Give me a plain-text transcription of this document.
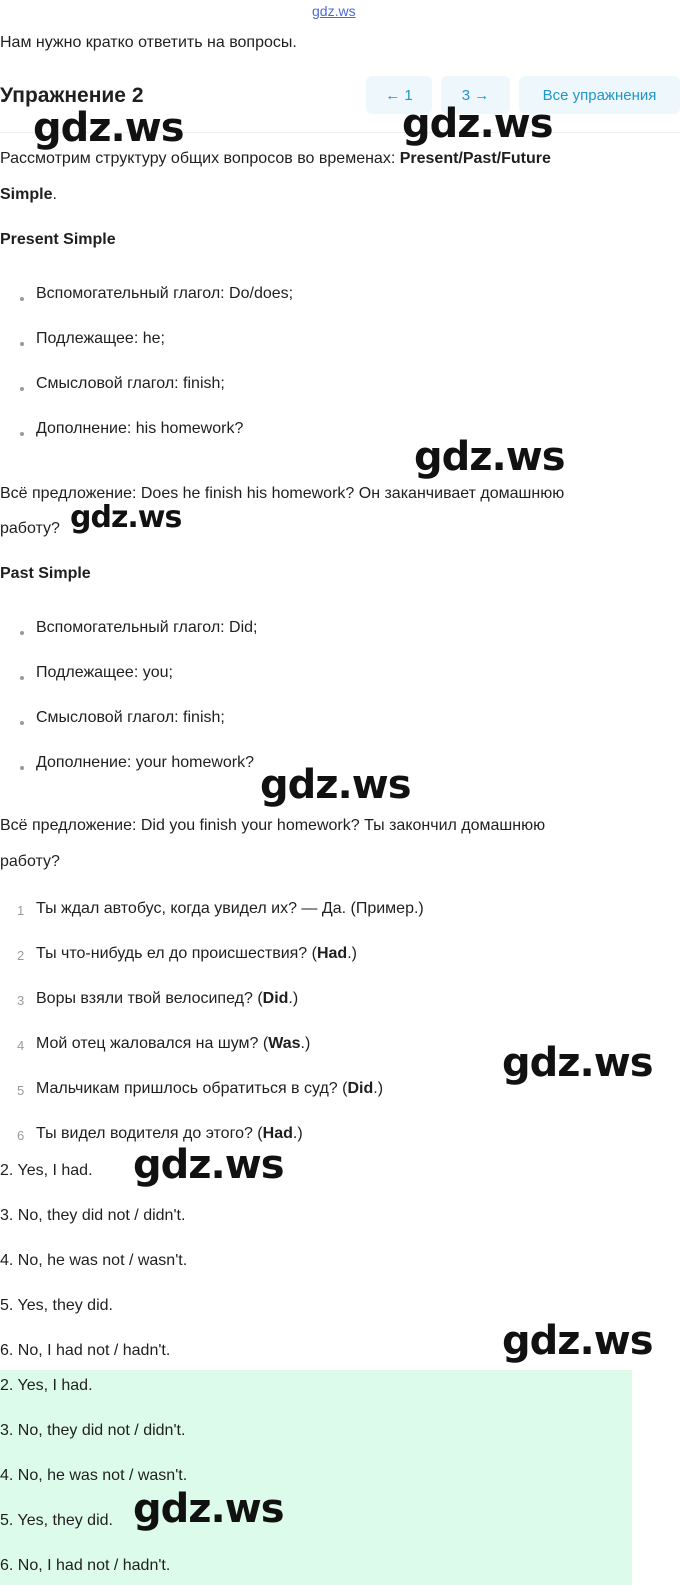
gdz.ws
Нам нужно кратко ответить на вопросы.
Упражнение 2	← 1	3 →	Все упражнения
Рассмотрим структуру общих вопросов во временах: Present/Past/Future
Simple.
Present Simple
Вспомогательный глагол: Do/does;
Подлежащее: he;
Смысловой глагол: finish;
Дополнение: his homework?
Всё предложение: Does he finish his homework? Он заканчивает домашнюю
работу?
Past Simple
Вспомогательный глагол: Did;
Подлежащее: you;
Смысловой глагол: finish;
Дополнение: your homework?
Всё предложение: Did you finish your homework? Ты закончил домашнюю
работу?
1 Ты ждал автобус, когда увидел их? — Да. (Пример.)
2 Ты что-нибудь ел до происшествия? (Had.)
3 Воры взяли твой велосипед? (Did.)
4 Мой отец жаловался на шум? (Was.)
5 Мальчикам пришлось обратиться в суд? (Did.)
6 Ты видел водителя до этого? (Had.)
2. Yes, I had.
3. No, they did not / didn't.
4. No, he was not / wasn't.
5. Yes, they did.
6. No, I had not / hadn't.
2. Yes, I had.
3. No, they did not / didn't.
4. No, he was not / wasn't.
5. Yes, they did.
6. No, I had not / hadn't.
gdz.ws	gdz.ws
gdz.ws
gdz.ws
gdz.ws
gdz.ws
gdz.ws
gdz.ws
gdz.ws
